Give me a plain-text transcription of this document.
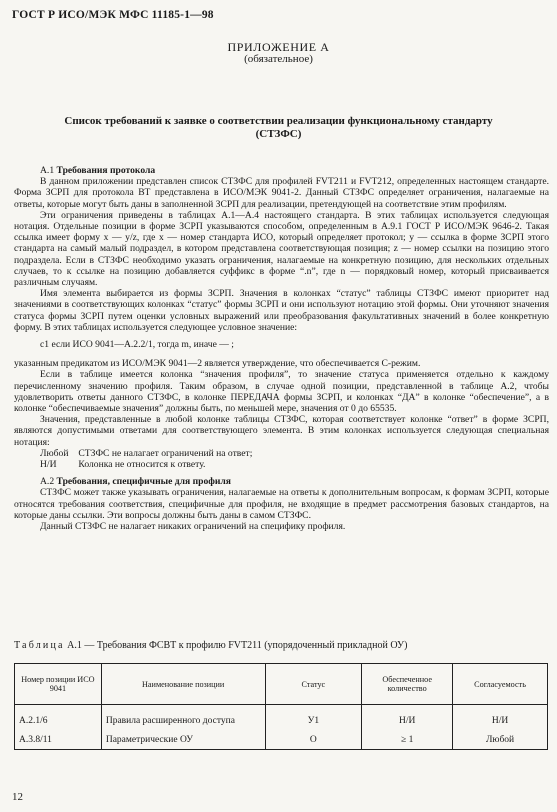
ГОСТ Р ИСО/МЭК МФС 11185-1—98
ПРИЛОЖЕНИЕ А
(обязательное)
Список требований к заявке о соответствии реализации функциональному стандарту (СТЗФС)
А.1 Требования протокола

В данном приложении представлен список СТЗФС для профилей FVT211 и FVT212, определенных настоящем стандарте. Форма ЗСРП для протокола ВТ представлена в ИСО/МЭК 9041-2. Данный СТЗФС определяет ограничения, налагаемые на ответы, которые могут быть даны в заполненной ЗСРП для реализации, претендующей на соответствие этим профилям.

Эти ограничения приведены в таблицах А.1—А.4 настоящего стандарта. В этих таблицах используется следующая нотация. Отдельные позиции в форме ЗСРП указываются способом, определенным в А.9.1 ГОСТ Р ИСО/МЭК 9646-2. Такая ссылка имеет форму x — y/z, где x — номер стандарта ИСО, который определяет протокол; y — ссылка в форме ЗСРП этого стандарта на самый малый подраздел, в котором представлена соответствующая позиция; z — номер ссылки на позицию этого подраздела. Если в СТЗФС необходимо указать ограничения, налагаемые на конкретную позицию, для нескольких отдельных случаев, то к ссылке на позицию добавляется суффикс в форме “.n”, где n — порядковый номер, который присваивается различным случаям.

Имя элемента выбирается из формы ЗСРП. Значения в колонках “статус” таблицы СТЗФС имеют приоритет над значениями в соответствующих колонках “статус” формы ЗСРП и они используют нотацию этой формы. Они уточняют значения статуса формы ЗСРП путем оценки условных выражений или преобразования факультативных значений в более конкретную форму. В этих таблицах используется следующее условное значение:

c1 если ИСО 9041—А.2.2/1, тогда m, иначе — ;

указанным предикатом из ИСО/МЭК 9041—2 является утверждение, что обеспечивается С-режим.

Если в таблице имеется колонка “значения профиля”, то значение статуса применяется отдельно к каждому перечисленному значению профиля. Таким образом, в случае одной позиции, представленной в таблице А.2, чтобы удовлетворить ответы данного СТЗФС, в колонке ПЕРЕДАЧА формы ЗСРП, и колонках “ДА” в колонке “обеспечение”, а в колонке “обеспечиваемые значения” должны быть, по меньшей мере, значения от 0 до 65535.

Значения, представленные в любой колонке таблицы СТЗФС, которая соответствует колонке “ответ” в форме ЗСРП, являются допустимыми ответами для соответствующего элемента. В этим колонках используется следующая специальная нотация:

Любой СТЗФС не налагает ограничений на ответ;
Н/И Колонка не относится к ответу.
А.2 Требования, специфичные для профиля

СТЗФС может также указывать ограничения, налагаемые на ответы к дополнительным вопросам, к формам ЗСРП, которые относятся требования соответствия, специфичные для профиля, не входящие в предмет рассмотрения базовых стандартов, на которые даны ссылки. Эти вопросы должны быть даны в самом СТЗФС.

Данный СТЗФС не налагает никаких ограничений на специфику профиля.

Таблица А.1 — Требования ФСВТ к профилю FVT211 (упорядоченный прикладной ОУ)
Номер позиции ИСО 9041	Наименование позиции	Статус	Обеспеченное количество	Согласуемость
А.2.1/6	Правила расширенного доступа	У1	Н/И	Н/И
А.3.8/11	Параметрические ОУ	О	≥ 1	Любой
12
